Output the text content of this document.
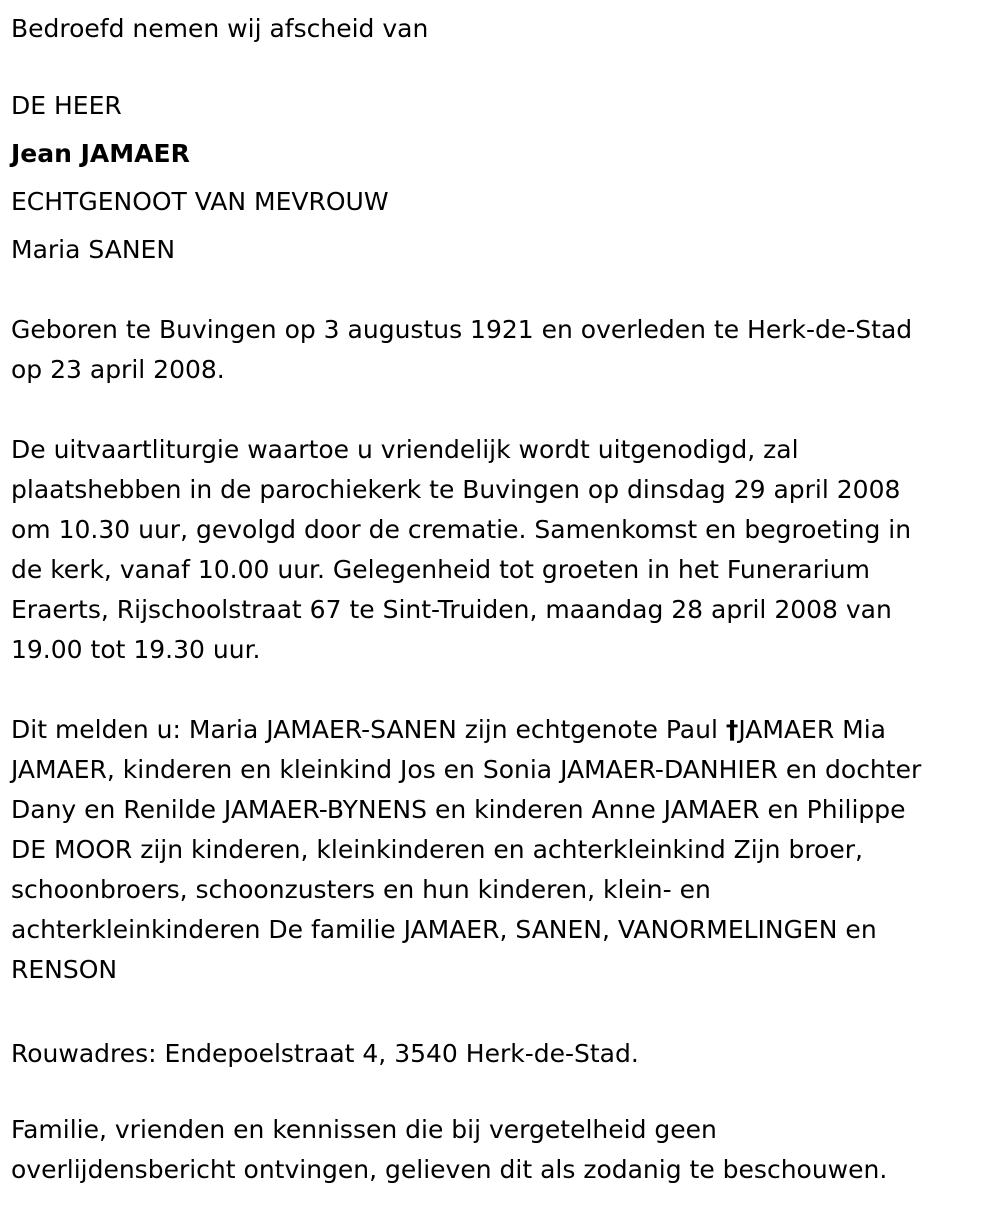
Bedroefd nemen wij afscheid van

DE HEER

Jean JAMAER

ECHTGENOOT VAN MEVROUW

Maria SANEN

Geboren te Buvingen op 3 augustus 1921 en overleden te Herk-de-Stad
op 23 april 2008.

De uitvaartliturgie waartoe u vriendelijk wordt uitgenodigd, zal
plaatshebben in de parochiekerk te Buvingen op dinsdag 29 april 2008
om 10.30 uur, gevolgd door de crematie. Samenkomst en begroeting in
de kerk, vanaf 10.00 uur. Gelegenheid tot groeten in het Funerarium
Eraerts, Rijschoolstraat 67 te Sint-Truiden, maandag 28 april 2008 van
19.00 tot 19.30 uur.

Dit melden u: Maria JAMAER-SANEN zijn echtgenote Paul †JAMAER Mia
JAMAER, kinderen en kleinkind Jos en Sonia JAMAER-DANHIER en dochter
Dany en Renilde JAMAER-BYNENS en kinderen Anne JAMAER en Philippe
DE MOOR zijn kinderen, kleinkinderen en achterkleinkind Zijn broer,
schoonbroers, schoonzusters en hun kinderen, klein- en
achterkleinkinderen De familie JAMAER, SANEN, VANORMELINGEN en
RENSON

Rouwadres: Endepoelstraat 4, 3540 Herk-de-Stad.

Familie, vrienden en kennissen die bij vergetelheid geen
overlijdensbericht ontvingen, gelieven dit als zodanig te beschouwen.
